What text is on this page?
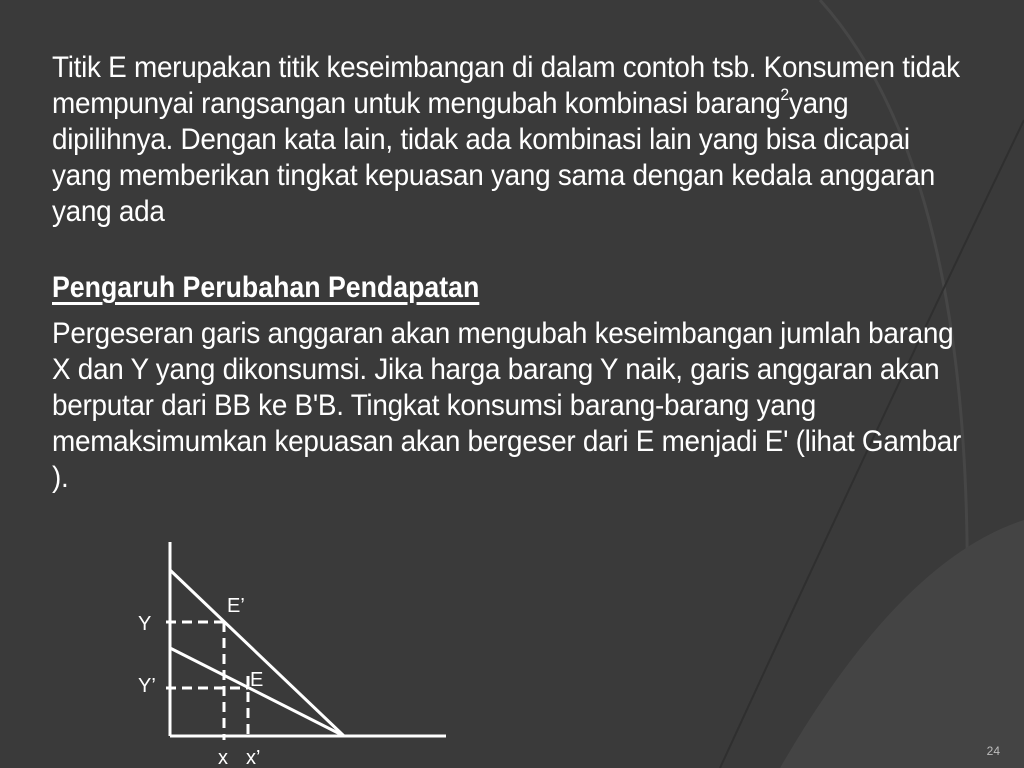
Titik E merupakan titik keseimbangan di dalam contoh tsb. Konsumen tidak mempunyai rangsangan untuk mengubah kombinasi barang$^2$yang dipilihnya. Dengan kata lain, tidak ada kombinasi lain yang bisa dicapai yang memberikan tingkat kepuasan yang sama dengan kedala anggaran yang ada

Pengaruh Perubahan Pendapatan

Pergeseran garis anggaran akan mengubah keseimbangan jumlah barang X dan Y yang dikonsumsi. Jika harga barang Y naik, garis anggaran akan berputar dari BB ke B'B. Tingkat konsumsi barang-barang yang memaksimumkan kepuasan akan bergeser dari E menjadi E' (lihat Gambar ).

E’
E
Y
Y’
x x’	24
